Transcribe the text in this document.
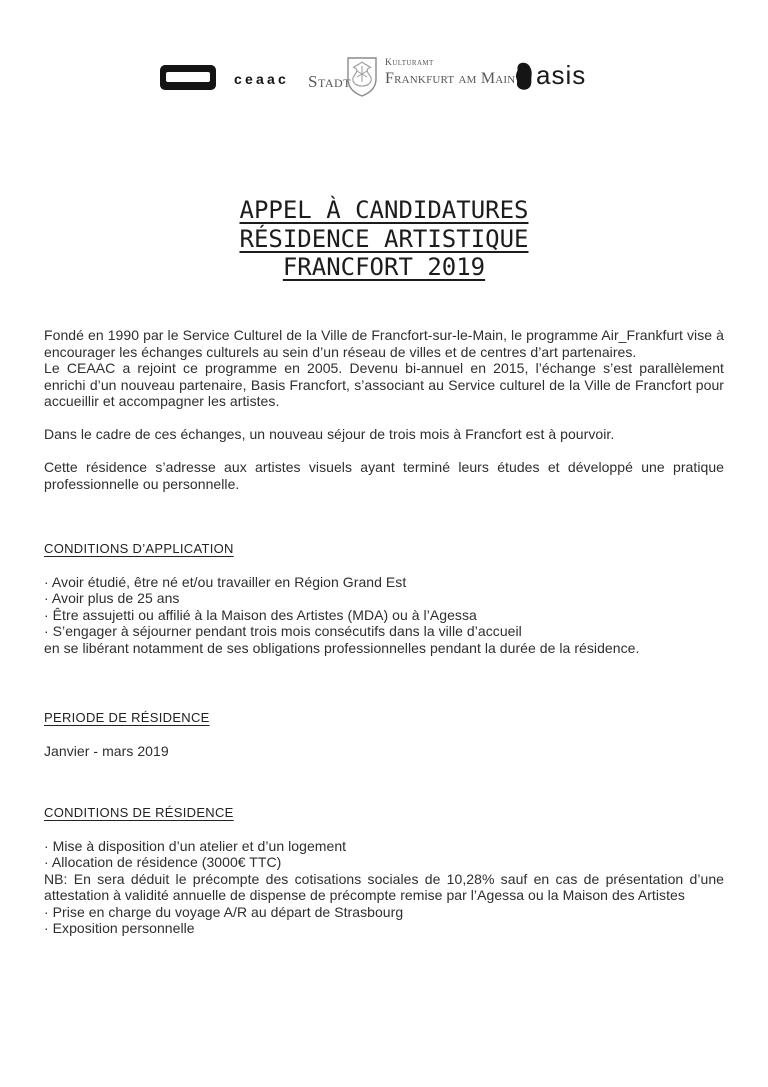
ceaac Stadt
Kulturamt
Frankfurt am Main asis
APPEL À CANDIDATURES
RÉSIDENCE ARTISTIQUE
FRANCFORT 2019

Fondé en 1990 par le Service Culturel de la Ville de Francfort-sur-le-Main, le programme Air_Frankfurt vise à encourager les échanges culturels au sein d’un réseau de villes et de centres d’art partenaires.

Le CEAAC a rejoint ce programme en 2005. Devenu bi-annuel en 2015, l’échange s’est parallèlement enrichi d’un nouveau partenaire, Basis Francfort, s’associant au Service culturel de la Ville de Francfort pour accueillir et accompagner les artistes.

Dans le cadre de ces échanges, un nouveau séjour de trois mois à Francfort est à pourvoir.

Cette résidence s’adresse aux artistes visuels ayant terminé leurs études et développé une pratique professionnelle ou personnelle.

CONDITIONS D’APPLICATION
· Avoir étudié, être né et/ou travailler en Région Grand Est
· Avoir plus de 25 ans
· Être assujetti ou affilié à la Maison des Artistes (MDA) ou à l’Agessa
· S’engager à séjourner pendant trois mois consécutifs dans la ville d’accueil
en se libérant notamment de ses obligations professionnelles pendant la durée de la résidence.
PERIODE DE RÉSIDENCE
Janvier - mars 2019
CONDITIONS DE RÉSIDENCE
· Mise à disposition d’un atelier et d’un logement
· Allocation de résidence (3000€ TTC)
NB: En sera déduit le précompte des cotisations sociales de 10,28% sauf en cas de présentation d’une attestation à validité annuelle de dispense de précompte remise par l’Agessa ou la Maison des Artistes
· Prise en charge du voyage A/R au départ de Strasbourg
· Exposition personnelle
